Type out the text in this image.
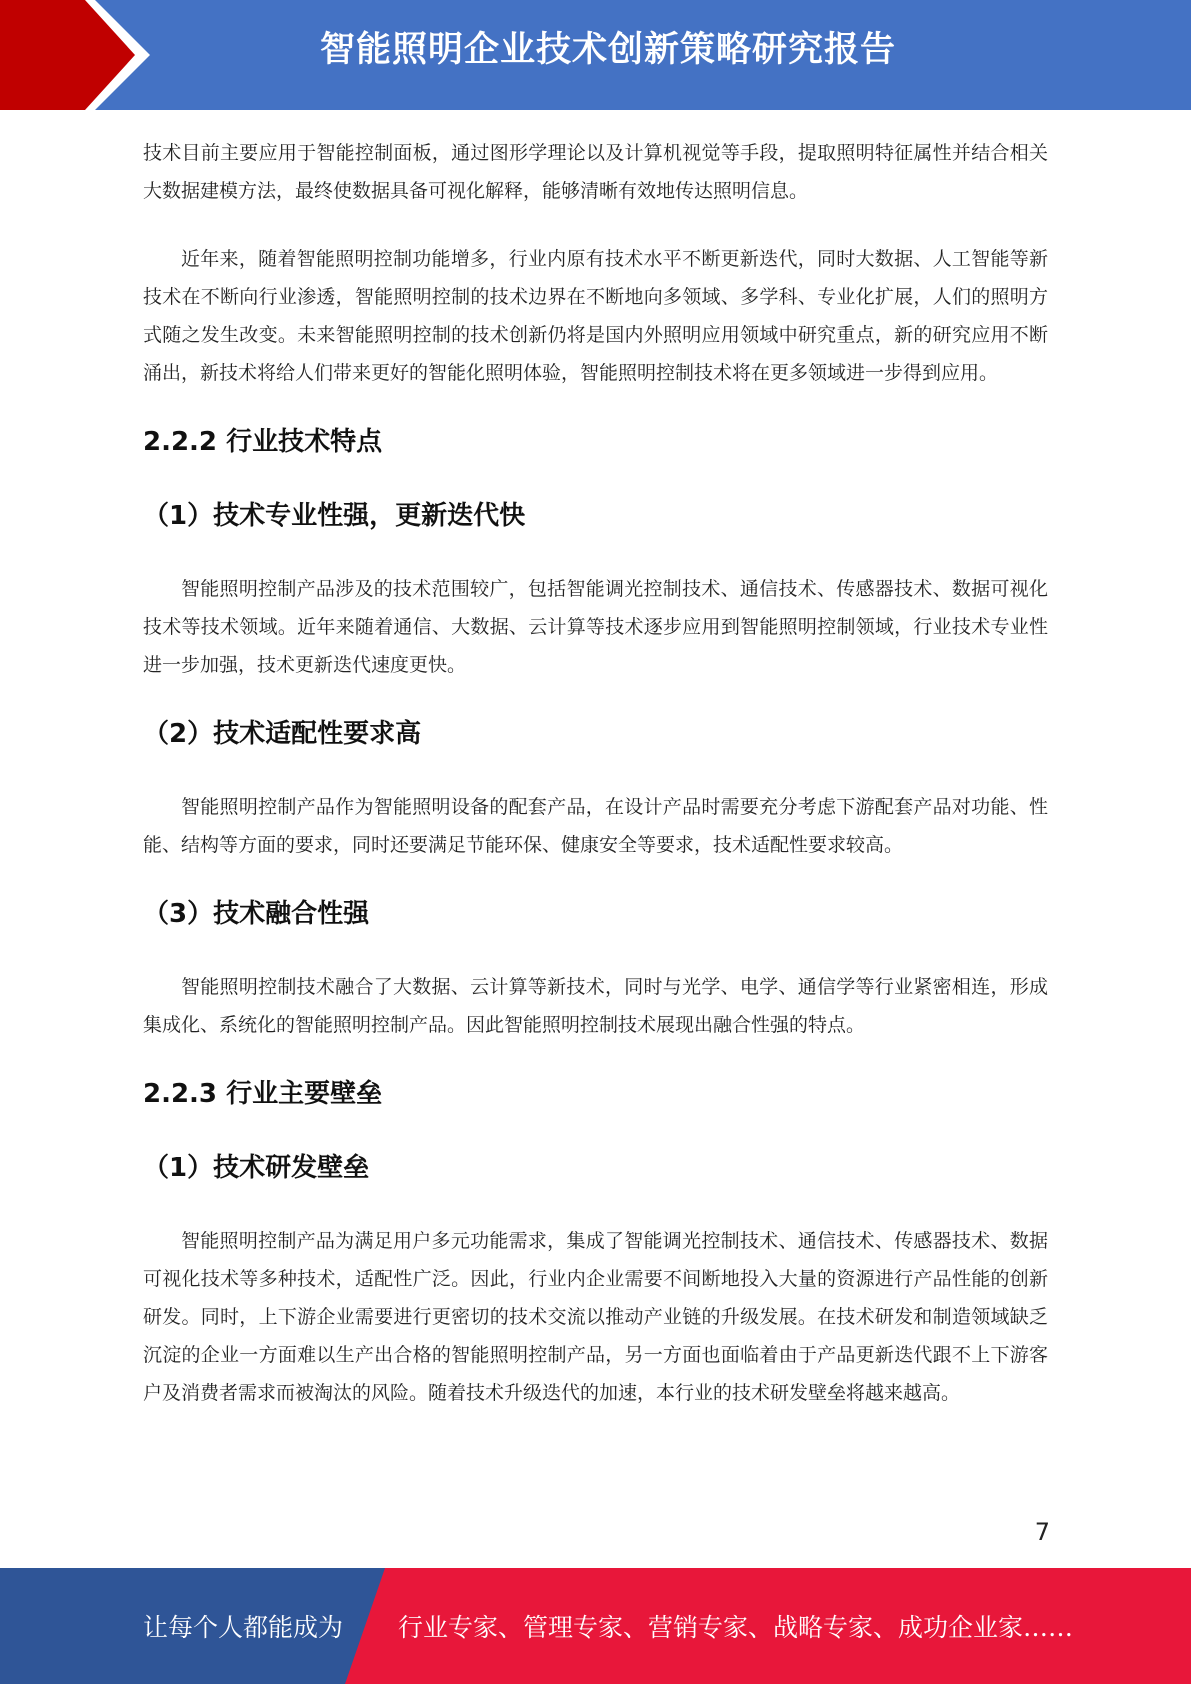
智能照明企业技术创新策略研究报告

技术目前主要应用于智能控制面板，通过图形学理论以及计算机视觉等手段，提取照明特征属性并结合相关大数据建模方法，最终使数据具备可视化解释，能够清晰有效地传达照明信息。

近年来，随着智能照明控制功能增多，行业内原有技术水平不断更新迭代，同时大数据、人工智能等新技术在不断向行业渗透，智能照明控制的技术边界在不断地向多领域、多学科、专业化扩展，人们的照明方式随之发生改变。未来智能照明控制的技术创新仍将是国内外照明应用领域中研究重点，新的研究应用不断涌出，新技术将给人们带来更好的智能化照明体验，智能照明控制技术将在更多领域进一步得到应用。

2.2.2 行业技术特点
（1）技术专业性强，更新迭代快

智能照明控制产品涉及的技术范围较广，包括智能调光控制技术、通信技术、传感器技术、数据可视化技术等技术领域。近年来随着通信、大数据、云计算等技术逐步应用到智能照明控制领域，行业技术专业性进一步加强，技术更新迭代速度更快。

（2）技术适配性要求高

智能照明控制产品作为智能照明设备的配套产品，在设计产品时需要充分考虑下游配套产品对功能、性能、结构等方面的要求，同时还要满足节能环保、健康安全等要求，技术适配性要求较高。

（3）技术融合性强

智能照明控制技术融合了大数据、云计算等新技术，同时与光学、电学、通信学等行业紧密相连，形成集成化、系统化的智能照明控制产品。因此智能照明控制技术展现出融合性强的特点。

2.2.3 行业主要壁垒
（1）技术研发壁垒

智能照明控制产品为满足用户多元功能需求，集成了智能调光控制技术、通信技术、传感器技术、数据可视化技术等多种技术，适配性广泛。因此，行业内企业需要不间断地投入大量的资源进行产品性能的创新研发。同时，上下游企业需要进行更密切的技术交流以推动产业链的升级发展。在技术研发和制造领域缺乏沉淀的企业一方面难以生产出合格的智能照明控制产品，另一方面也面临着由于产品更新迭代跟不上下游客户及消费者需求而被淘汰的风险。随着技术升级迭代的加速，本行业的技术研发壁垒将越来越高。

7
让每个人都能成为 行业专家、管理专家、营销专家、战略专家、成功企业家……
